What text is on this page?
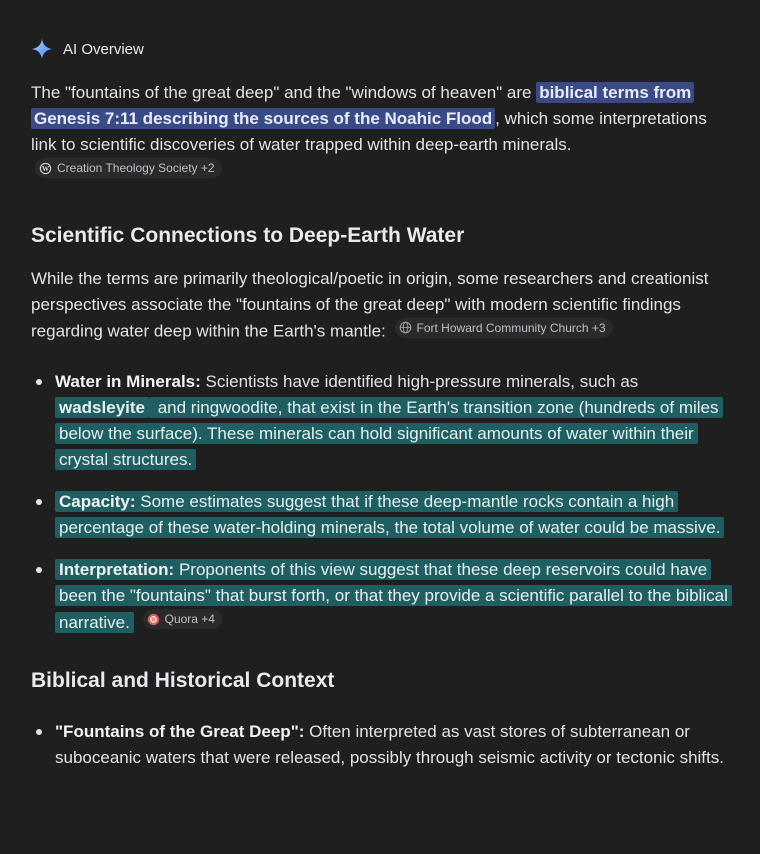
AI Overview

The "fountains of the great deep" and the "windows of heaven" are biblical terms from Genesis 7:11 describing the sources of the Noahic Flood , which some interpretations link to scientific discoveries of water trapped within deep-earth minerals.
W Creation Theology Society +2

Scientific Connections to Deep-Earth Water

While the terms are primarily theological/poetic in origin, some researchers and creationist perspectives associate the "fountains of the great deep" with modern scientific findings regarding water deep within the Earth's mantle:	Fort Howard Community Church +3

Water in Minerals: Scientists have identified high-pressure minerals, such as wadsleyite and ringwoodite, that exist in the Earth's transition zone (hundreds of miles below the surface). These minerals can hold significant amounts of water within their crystal structures.
Capacity: Some estimates suggest that if these deep-mantle rocks contain a high percentage of these water-holding minerals, the total volume of water could be massive.
Interpretation: Proponents of this view suggest that these deep reservoirs could have been the "fountains" that burst forth, or that they provide a scientific parallel to the biblical narrative.	Quora +4
Biblical and Historical Context
"Fountains of the Great Deep": Often interpreted as vast stores of subterranean or suboceanic waters that were released, possibly through seismic activity or tectonic shifts.
